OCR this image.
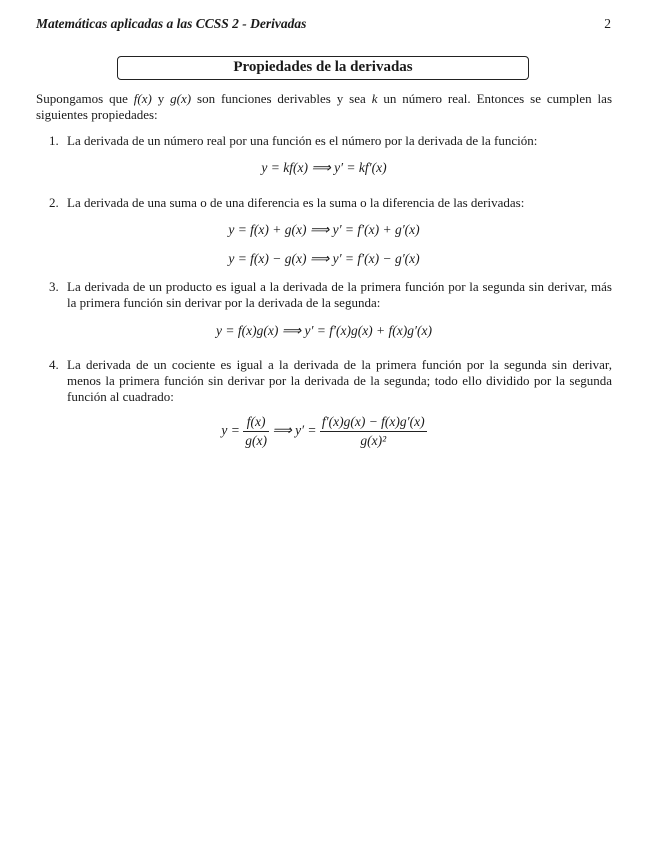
Matemáticas aplicadas a las CCSS 2 - Derivadas	2
Propiedades de la derivadas
Supongamos que f(x) y g(x) son funciones derivables y sea k un número real. Entonces se cumplen las siguientes propiedades:
1. La derivada de un número real por una función es el número por la derivada de la función:
y = kf(x) ⟹ y′ = kf′(x)
2. La derivada de una suma o de una diferencia es la suma o la diferencia de las derivadas:
y = f(x) + g(x) ⟹ y′ = f′(x) + g′(x)
y = f(x) − g(x) ⟹ y′ = f′(x) − g′(x)
3. La derivada de un producto es igual a la derivada de la primera función por la segunda sin derivar, más la primera función sin derivar por la derivada de la segunda:
y = f(x)g(x) ⟹ y′ = f′(x)g(x) + f(x)g′(x)
4. La derivada de un cociente es igual a la derivada de la primera función por la segunda sin derivar, menos la primera función sin derivar por la derivada de la segunda; todo ello dividido por la segunda función al cuadrado:
$y = \frac{f(x)}{g(x)}$ ⟹ $y' = \frac{f'(x)g(x) - f(x)g'(x)}{\text{g(x)²}}$
